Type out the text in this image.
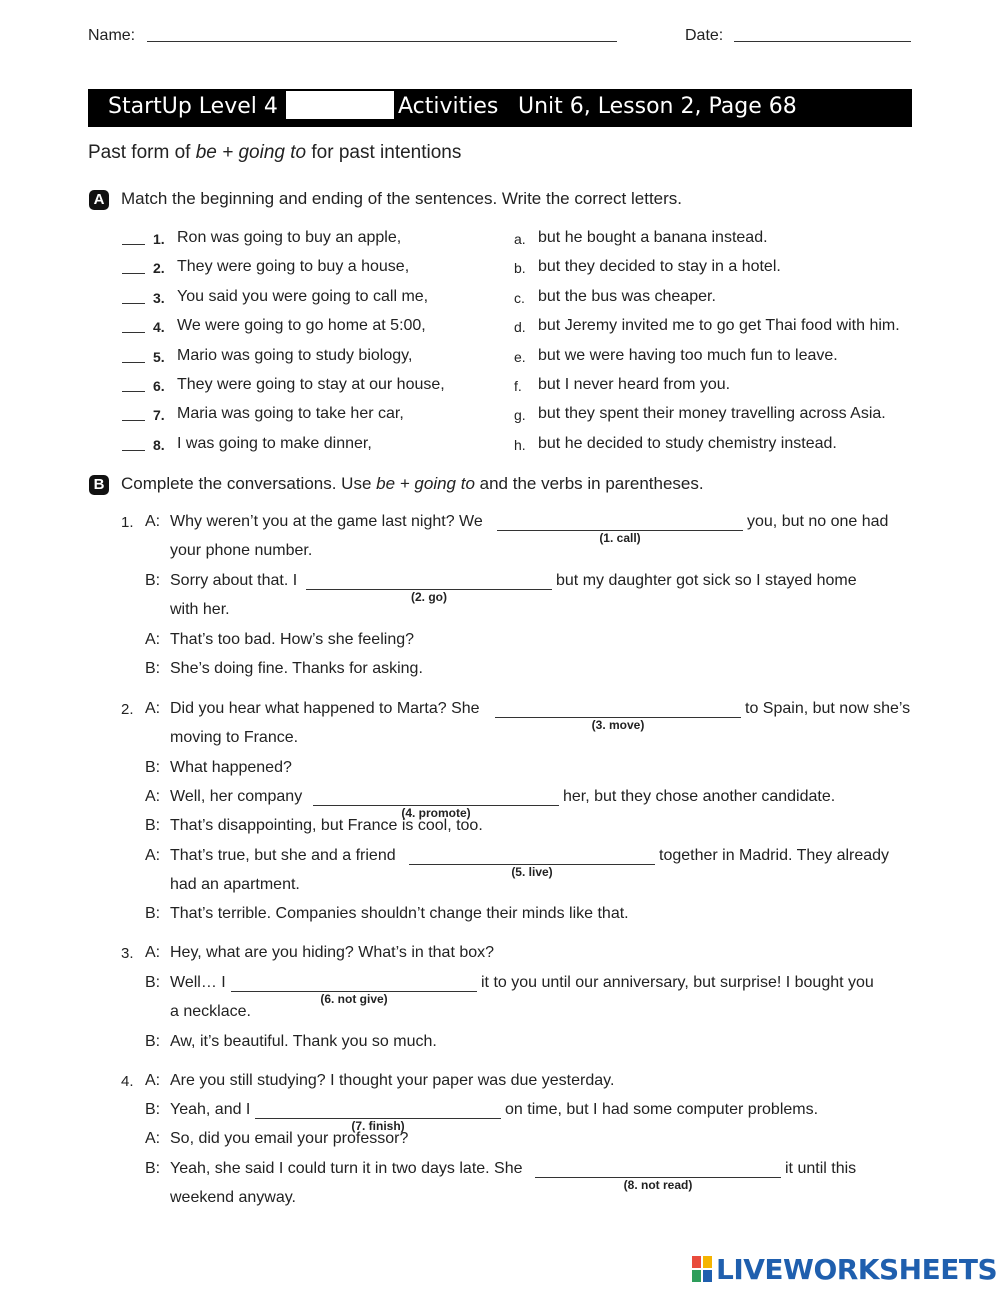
Name:	Date:
StartUp Level 4	Activities Unit 6, Lesson 2, Page 68
Past form of be + going to for past intentions
A Match the beginning and ending of the sentences. Write the correct letters.
1. Ron was going to buy an apple,	a. but he bought a banana instead.
2. They were going to buy a house,	b. but they decided to stay in a hotel.
3. You said you were going to call me,	c. but the bus was cheaper.
4. We were going to go home at 5:00,	d. but Jeremy invited me to go get Thai food with him.
5. Mario was going to study biology,	e. but we were having too much fun to leave.
6. They were going to stay at our house,	f. but I never heard from you.
7. Maria was going to take her car,	g. but they spent their money travelling across Asia.
8. I was going to make dinner,	h. but he decided to study chemistry instead.
B Complete the conversations. Use be + going to and the verbs in parentheses.
1. A: Why weren’t you at the game last night? We
(1. call)
you, but no one had
your phone number.
B: Sorry about that. I
(2. go)
but my daughter got sick so I stayed home
with her.
A: That’s too bad. How’s she feeling?
B: She’s doing fine. Thanks for asking.
2. A: Did you hear what happened to Marta? She
(3. move)
to Spain, but now she’s
moving to France.
B: What happened?
A: Well, her company
(4. promote)
her, but they chose another candidate.
B: That’s disappointing, but France is cool, too.
A: That’s true, but she and a friend
(5. live)
together in Madrid. They already
had an apartment.
B: That’s terrible. Companies shouldn’t change their minds like that.
3. A: Hey, what are you hiding? What’s in that box?
B: Well… I
(6. not give)
it to you until our anniversary, but surprise! I bought you
a necklace.
B: Aw, it’s beautiful. Thank you so much.
4. A: Are you still studying? I thought your paper was due yesterday.
B: Yeah, and I
(7. finish)
on time, but I had some computer problems.
A: So, did you email your professor?
B: Yeah, she said I could turn it in two days late. She
(8. not read)
it until this
weekend anyway.
LIVEWORKSHEETS
